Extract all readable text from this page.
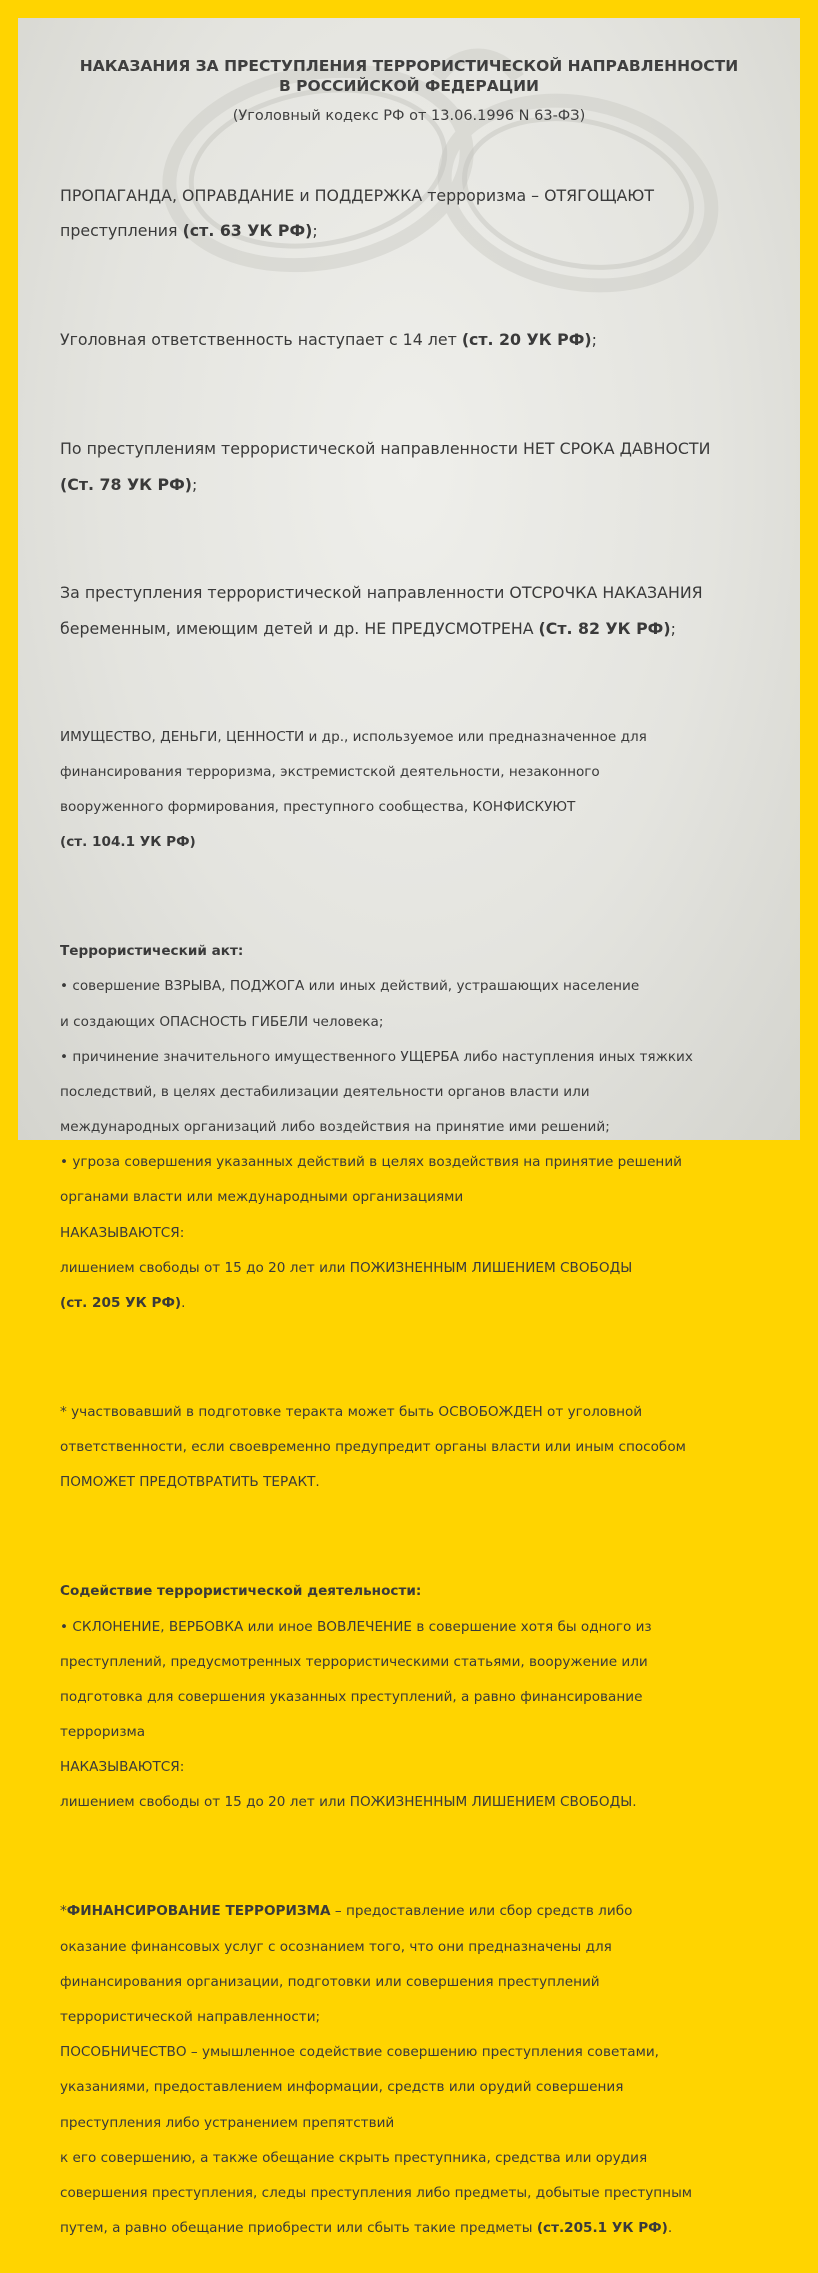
НАКАЗАНИЯ ЗА ПРЕСТУПЛЕНИЯ ТЕРРОРИСТИЧЕСКОЙ НАПРАВЛЕННОСТИ
В РОССИЙСКОЙ ФЕДЕРАЦИИ
(Уголовный кодекс РФ от 13.06.1996 N 63-ФЗ)

ПРОПАГАНДА, ОПРАВДАНИЕ и ПОДДЕРЖКА терроризма – ОТЯГОЩАЮТ

преступления (ст. 63 УК РФ);

Уголовная ответственность наступает с 14 лет (ст. 20 УК РФ);

По преступлениям террористической направленности НЕТ СРОКА ДАВНОСТИ

(Ст. 78 УК РФ);

За преступления террористической направленности ОТСРОЧКА НАКАЗАНИЯ

беременным, имеющим детей и др. НЕ ПРЕДУСМОТРЕНА (Ст. 82 УК РФ);

ИМУЩЕСТВО, ДЕНЬГИ, ЦЕННОСТИ и др., используемое или предназначенное для

финансирования терроризма, экстремистской деятельности, незаконного

вооруженного формирования, преступного сообщества, КОНФИСКУЮТ

(ст. 104.1 УК РФ)

Террористический акт:

• совершение ВЗРЫВА, ПОДЖОГА или иных действий, устрашающих население

и создающих ОПАСНОСТЬ ГИБЕЛИ человека;

• причинение значительного имущественного УЩЕРБА либо наступления иных тяжких

последствий, в целях дестабилизации деятельности органов власти или

международных организаций либо воздействия на принятие ими решений;

• угроза совершения указанных действий в целях воздействия на принятие решений

органами власти или международными организациями

НАКАЗЫВАЮТСЯ:

лишением свободы от 15 до 20 лет или ПОЖИЗНЕННЫМ ЛИШЕНИЕМ СВОБОДЫ

(ст. 205 УК РФ).

* участвовавший в подготовке теракта может быть ОСВОБОЖДЕН от уголовной

ответственности, если своевременно предупредит органы власти или иным способом

ПОМОЖЕТ ПРЕДОТВРАТИТЬ ТЕРАКТ.

Содействие террористической деятельности:

• СКЛОНЕНИЕ, ВЕРБОВКА или иное ВОВЛЕЧЕНИЕ в совершение хотя бы одного из

преступлений, предусмотренных террористическими статьями, вооружение или

подготовка для совершения указанных преступлений, а равно финансирование

терроризма

НАКАЗЫВАЮТСЯ:

лишением свободы от 15 до 20 лет или ПОЖИЗНЕННЫМ ЛИШЕНИЕМ СВОБОДЫ.

*ФИНАНСИРОВАНИЕ ТЕРРОРИЗМА – предоставление или сбор средств либо

оказание финансовых услуг с осознанием того, что они предназначены для

финансирования организации, подготовки или совершения преступлений

террористической направленности;

ПОСОБНИЧЕСТВО – умышленное содействие совершению преступления советами,

указаниями, предоставлением информации, средств или орудий совершения

преступления либо устранением препятствий

к его совершению, а также обещание скрыть преступника, средства или орудия

совершения преступления, следы преступления либо предметы, добытые преступным

путем, а равно обещание приобрести или сбыть такие предметы (ст.205.1 УК РФ).
